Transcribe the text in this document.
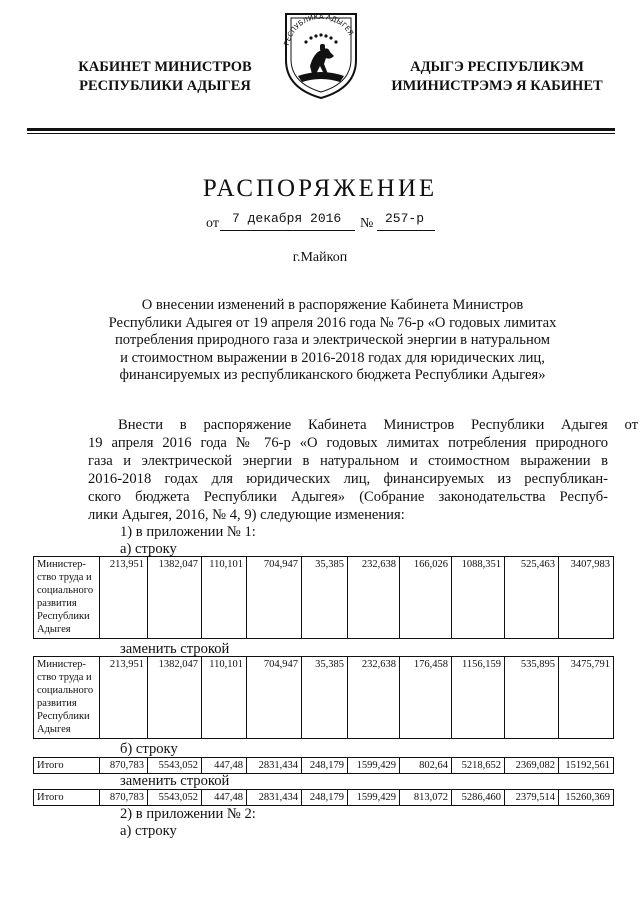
КАБИНЕТ МИНИСТРОВ
РЕСПУБЛИКИ АДЫГЕЯ
РЕСПУБЛИКА АДЫГЕЯ
АДЫГЭ РЕСПУБЛИКЭМ
ИМИНИСТРЭМЭ Я КАБИНЕТ
РАСПОРЯЖЕНИЕ
от 7 декабря 2016 № 257-р
г.Майкоп
О внесении изменений в распоряжение Кабинета Министров
Республики Адыгея от 19 апреля 2016 года № 76-р «О годовых лимитах
потребления природного газа и электрической энергии в натуральном
и стоимостном выражении в 2016-2018 годах для юридических лиц,
финансируемых из республиканского бюджета Республики Адыгея»
Внести в распоряжение Кабинета Министров Республики Адыгея от
19 апреля 2016 года № 76-р «О годовых лимитах потребления природного
газа и электрической энергии в натуральном и стоимостном выражении в
2016-2018 годах для юридических лиц, финансируемых из республикан-
ского бюджета Республики Адыгея» (Собрание законодательства Респуб-
лики Адыгея, 2016, № 4, 9) следующие изменения:
1) в приложении № 1:
а) строку
Министер-
ство труда и
социального
развития
Республики
Адыгея	213,951	1382,047	110,101	704,947	35,385	232,638	166,026	1088,351	525,463	3407,983
заменить строкой
Министер-
ство труда и
социального
развития
Республики
Адыгея	213,951	1382,047	110,101	704,947	35,385	232,638	176,458	1156,159	535,895	3475,791
б) строку
Итого	870,783	5543,052	447,48	2831,434	248,179	1599,429	802,64	5218,652	2369,082	15192,561
заменить строкой
Итого	870,783	5543,052	447,48	2831,434	248,179	1599,429	813,072	5286,460	2379,514	15260,369
2) в приложении № 2:
а) строку
